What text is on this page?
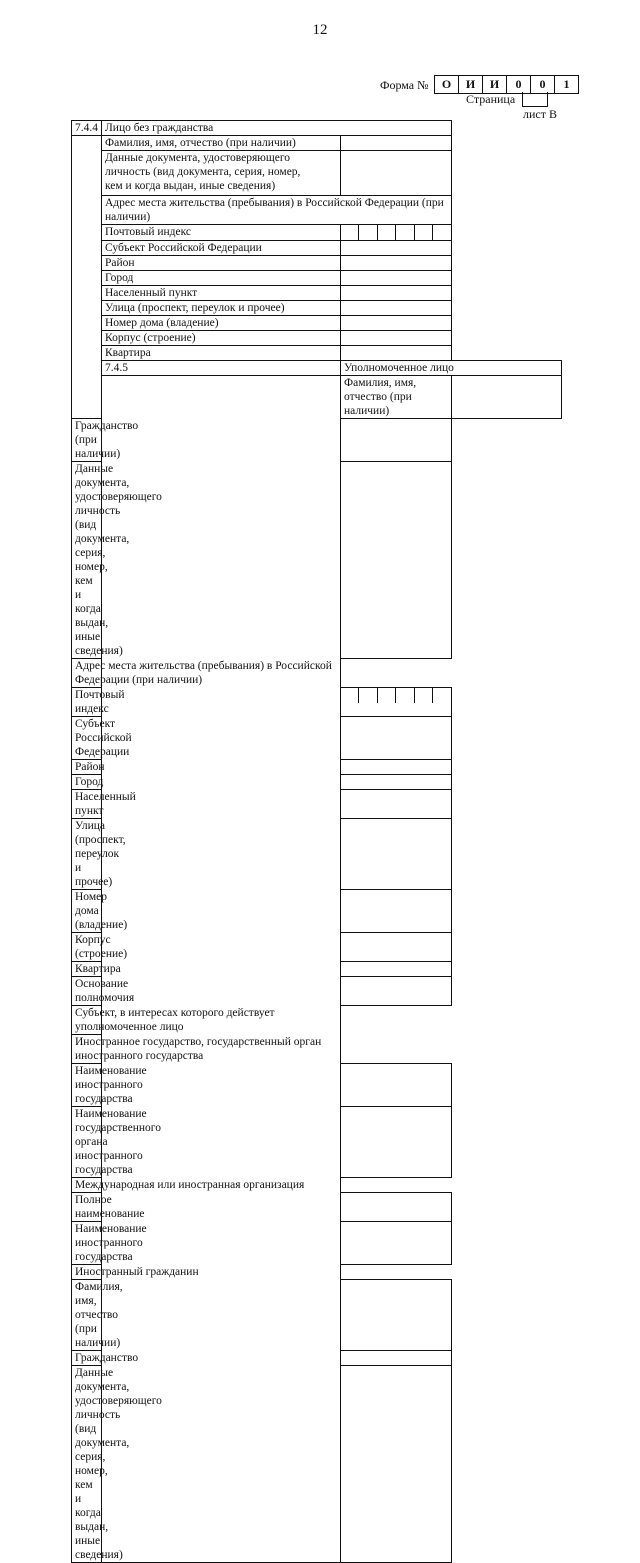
12
Форма №	О	И	И	0	0	1
Страница
лист В
7.4.4	Лицо без гражданства		
	Фамилия, имя, отчество (при наличии)		

	Данные документа, удостоверяющего
личность (вид документа, серия, номер,
кем и когда выдан, иные сведения)		

	Адрес места жительства (пребывания) в Российской Федерации (при наличии)		
	Почтовый индекс		

	Субъект Российской Федерации		
	Район		
	Город		
	Населенный пункт		
	Улица (проспект, переулок и прочее)		
	Номер дома (владение)		
	Корпус (строение)		
	Квартира		
	7.4.5	Уполномоченное лицо	
		Фамилия, имя, отчество (при наличии)	
Гражданство (при наличии)			

Данные документа, удостоверяющего
личность (вид документа, серия, номер,
кем и когда выдан, иные сведения)			

Адрес места жительства (пребывания) в Российской Федерации (при наличии)			
Почтовый индекс			

Субъект Российской Федерации			
Район			
Город			
Населенный пункт			
Улица (проспект, переулок и прочее)			
Номер дома (владение)			
Корпус (строение)			
Квартира			
Основание полномочия			
Субъект, в интересах которого действует уполномоченное лицо			
Иностранное государство, государственный орган иностранного государства			
Наименование иностранного государства			

Наименование государственного органа
иностранного государства			

Международная или иностранная организация			
Полное наименование			
Наименование иностранного государства			
Иностранный гражданин			
Фамилия, имя, отчество (при наличии)			
Гражданство			

Данные документа, удостоверяющего
личность (вид документа, серия, номер,
кем и когда выдан, иные сведения)			
